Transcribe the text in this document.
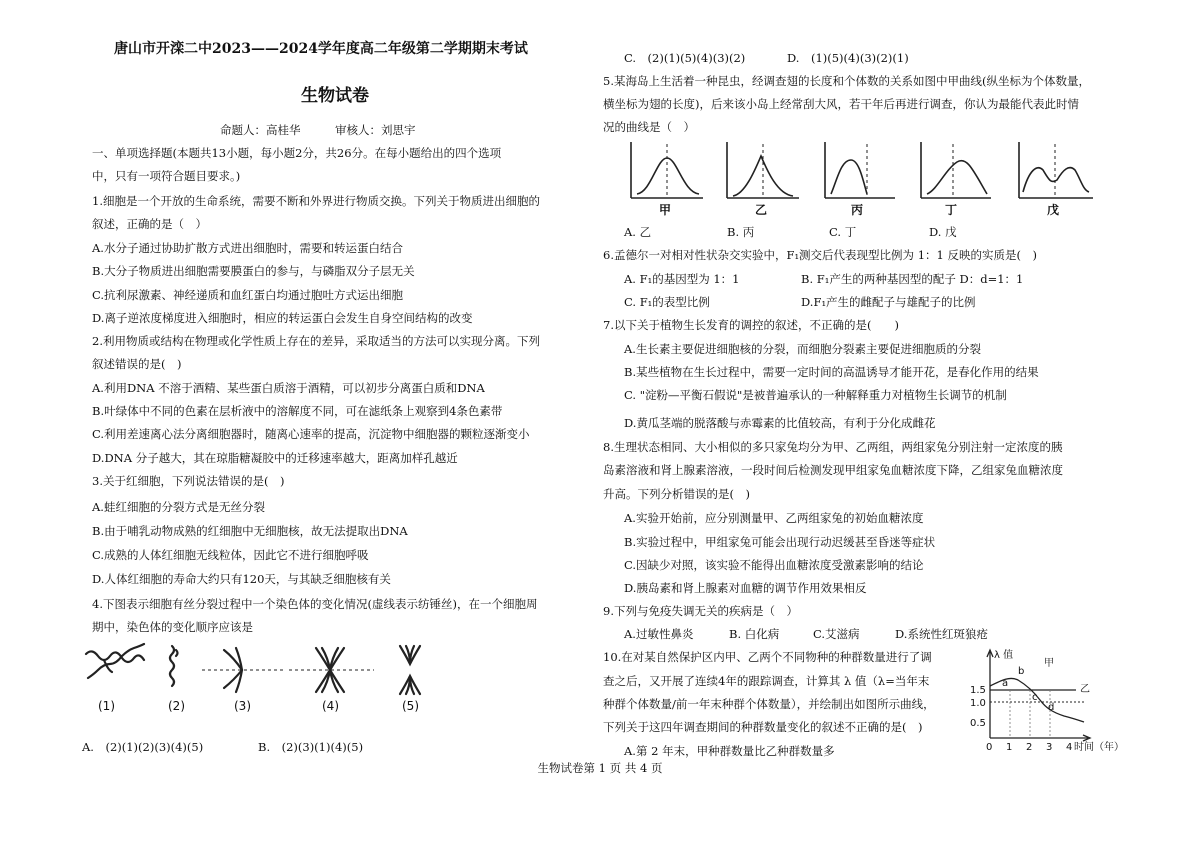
唐山市开滦二中2023——2024学年度高二年级第二学期期末考试
生物试卷
命题人：高桂华　　　审核人：刘思宇
一、单项选择题(本题共13小题，每小题2分，共26分。在每小题给出的四个选项
中，只有一项符合题目要求。)
1.细胞是一个开放的生命系统，需要不断和外界进行物质交换。下列关于物质进出细胞的
叙述，正确的是（　）
A.水分子通过协助扩散方式进出细胞时，需要和转运蛋白结合
B.大分子物质进出细胞需要膜蛋白的参与，与磷脂双分子层无关
C.抗利尿激素、神经递质和血红蛋白均通过胞吐方式运出细胞
D.离子逆浓度梯度进入细胞时，相应的转运蛋白会发生自身空间结构的改变
2.利用物质或结构在物理或化学性质上存在的差异，采取适当的方法可以实现分离。下列
叙述错误的是(　)
A.利用DNA 不溶于酒精、某些蛋白质溶于酒精，可以初步分离蛋白质和DNA
B.叶绿体中不同的色素在层析液中的溶解度不同，可在滤纸条上观察到4条色素带
C.利用差速离心法分离细胞器时，随离心速率的提高，沉淀物中细胞器的颗粒逐渐变小
D.DNA 分子越大，其在琼脂糖凝胶中的迁移速率越大，距离加样孔越近
3.关于红细胞，下列说法错误的是(　)
A.蛙红细胞的分裂方式是无丝分裂
B.由于哺乳动物成熟的红细胞中无细胞核，故无法提取出DNA
C.成熟的人体红细胞无线粒体，因此它不进行细胞呼吸
D.人体红细胞的寿命大约只有120天，与其缺乏细胞核有关
4.下图表示细胞有丝分裂过程中一个染色体的变化情况(虚线表示纺锤丝)，在一个细胞周
期中，染色体的变化顺序应该是
(1)	(2)	(3)	(4)	(5)
A.　(2)(1)(2)(3)(4)(5)	B.　(2)(3)(1)(4)(5)
C.　(2)(1)(5)(4)(3)(2)	D.　(1)(5)(4)(3)(2)(1)
5.某海岛上生活着一种昆虫，经调查翅的长度和个体数的关系如图中甲曲线(纵坐标为个体数量，
横坐标为翅的长度)，后来该小岛上经常刮大风，若干年后再进行调查，你认为最能代表此时情
况的曲线是（　）
甲	乙	丙	丁	戊
A. 乙	B. 丙	C. 丁	D. 戊
6.孟德尔一对相对性状杂交实验中，F₁测交后代表现型比例为 1：1 反映的实质是(　)
A. F₁的基因型为 1：1	B. F₁产生的两种基因型的配子 D：d=1：1
C. F₁的表型比例	D.F₁产生的雌配子与雄配子的比例
7.以下关于植物生长发育的调控的叙述，不正确的是(　　)
A.生长素主要促进细胞核的分裂，而细胞分裂素主要促进细胞质的分裂
B.某些植物在生长过程中，需要一定时间的高温诱导才能开花，是春化作用的结果
C. "淀粉—平衡石假说"是被普遍承认的一种解释重力对植物生长调节的机制
D.黄瓜茎端的脱落酸与赤霉素的比值较高，有利于分化成雌花
8.生理状态相同、大小相似的多只家兔均分为甲、乙两组，两组家兔分别注射一定浓度的胰
岛素溶液和肾上腺素溶液，一段时间后检测发现甲组家兔血糖浓度下降，乙组家兔血糖浓度
升高。下列分析错误的是(　)
A.实验开始前，应分别测量甲、乙两组家兔的初始血糖浓度
B.实验过程中，甲组家兔可能会出现行动迟缓甚至昏迷等症状
C.因缺少对照，该实验不能得出血糖浓度受激素影响的结论
D.胰岛素和肾上腺素对血糖的调节作用效果相反
9.下列与免疫失调无关的疾病是（　）
A.过敏性鼻炎	B. 白化病	C.艾滋病	D.系统性红斑狼疮
10.在对某自然保护区内甲、乙两个不同物种的种群数量进行了调
查之后，又开展了连续4年的跟踪调查，计算其 λ 值（λ=当年末
种群个体数量/前一年末种群个体数量），并绘制出如图所示曲线，
下列关于这四年调查期间的种群数量变化的叙述不正确的是(　)
A.第 2 年末，甲种群数量比乙种群数量多
λ 值
1.5
1.0
0.5
0 1 2 3 4 时间（年）
甲
乙
a
b
c
d
生物试卷第 1 页 共 4 页
